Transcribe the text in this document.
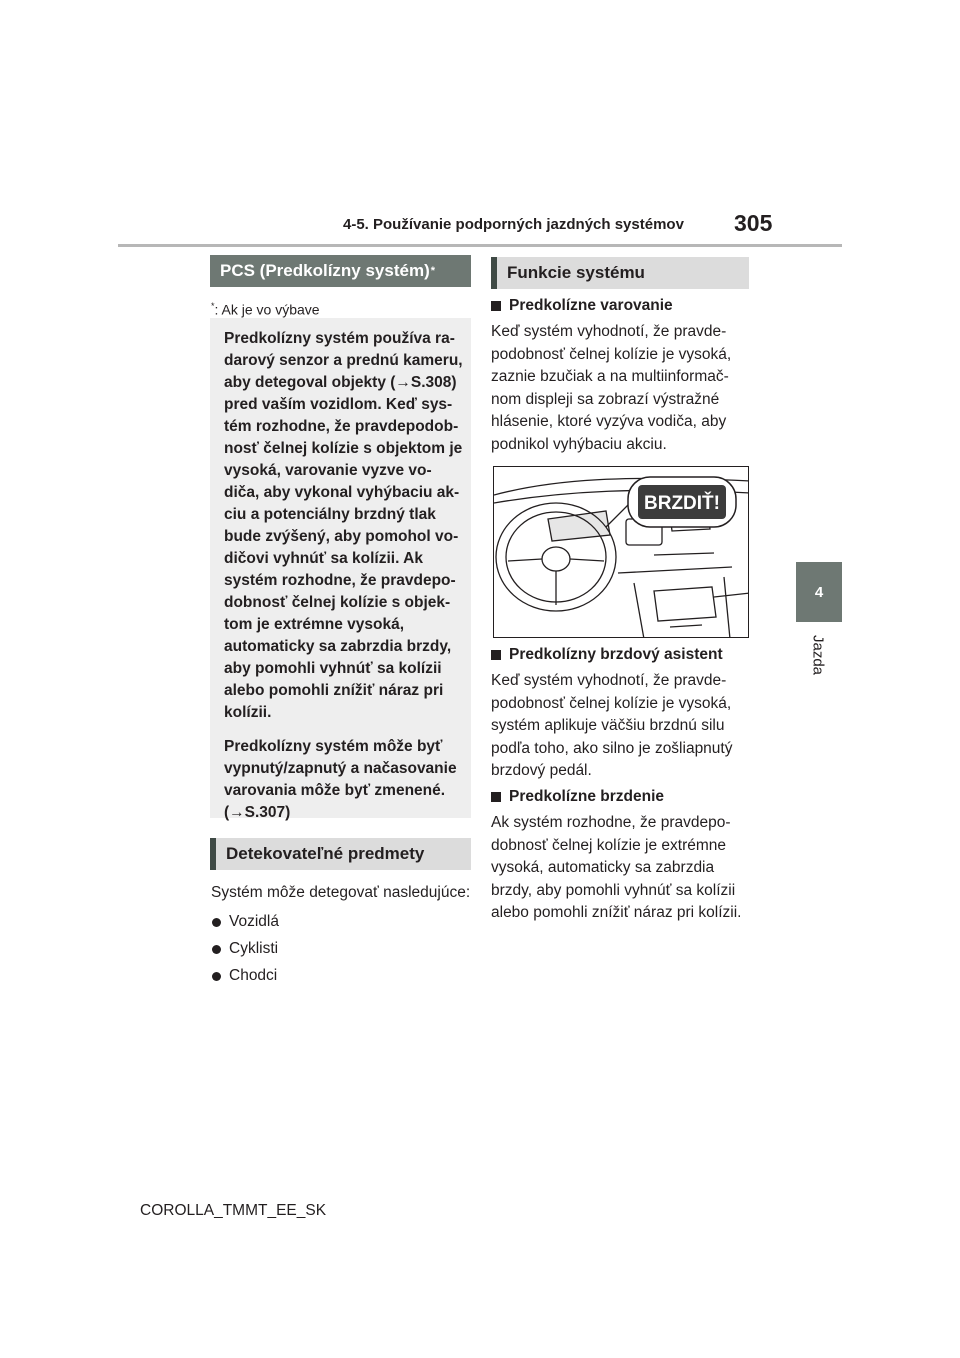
4-5. Používanie podporných jazdných systémov 305
4
Jazda
PCS (Predkolízny systém) *
*: Ak je vo výbave

Predkolízny systém používa ra-darový senzor a prednú kameru, aby detegoval objekty (→S.308) pred vaším vozidlom. Keď sys-tém rozhodne, že pravdepodob-nosť čelnej kolízie s objektom je vysoká, varovanie vyzve vo-diča, aby vykonal vyhýbaciu ak-ciu a potenciálny brzdný tlak bude zvýšený, aby pomohol vo-dičovi vyhnúť sa kolízii. Ak systém rozhodne, že pravdepo-dobnosť čelnej kolízie s objek-tom je extrémne vysoká, automaticky sa zabrzdia brzdy, aby pomohli vyhnúť sa kolízii alebo pomohli znížiť náraz pri kolízii.

Predkolízny systém môže byť vypnutý/zapnutý a načasovanie varovania môže byť zmenené. (→S.307)

Detekovateľné predmety
Systém môže detegovať nasledujúce:
Vozidlá
Cyklisti
Chodci
Funkcie systému
Predkolízne varovanie

Keď systém vyhodnotí, že pravde-podobnosť čelnej kolízie je vysoká, zaznie bzučiak a na multiinformač-nom displeji sa zobrazí výstražné hlásenie, ktoré vyzýva vodiča, aby podnikol vyhýbaciu akciu.

BRZDIŤ!
Predkolízny brzdový asistent

Keď systém vyhodnotí, že pravde-podobnosť čelnej kolízie je vysoká, systém aplikuje väčšiu brzdnú silu podľa toho, ako silno je zošliapnutý brzdový pedál.

Predkolízne brzdenie

Ak systém rozhodne, že pravdepo-dobnosť čelnej kolízie je extrémne vysoká, automaticky sa zabrzdia brzdy, aby pomohli vyhnúť sa kolízii alebo pomohli znížiť náraz pri kolízii.

COROLLA_TMMT_EE_SK
